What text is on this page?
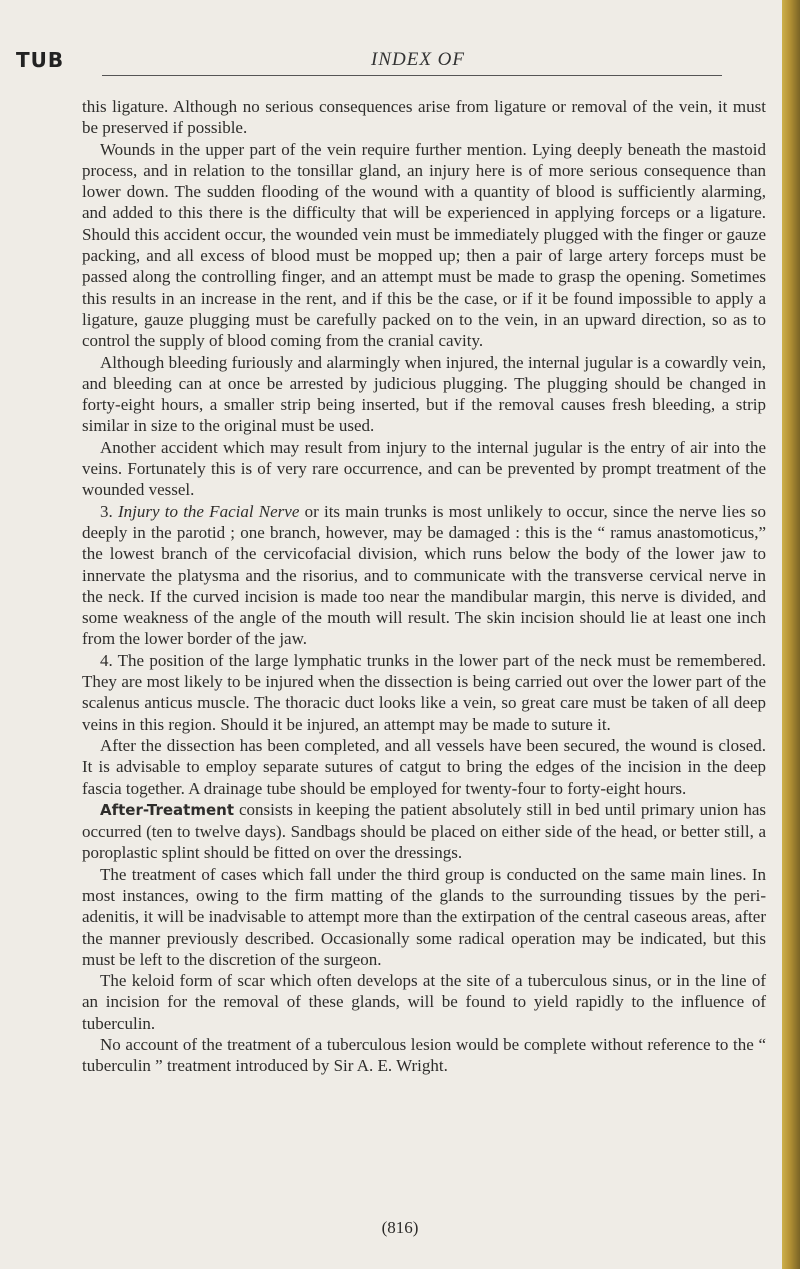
TUB	INDEX OF

this ligature. Although no serious consequences arise from ligature or removal of the vein, it must be preserved if possible.

Wounds in the upper part of the vein require further mention. Lying deeply beneath the mastoid process, and in relation to the tonsillar gland, an injury here is of more serious consequence than lower down. The sudden flooding of the wound with a quantity of blood is sufficiently alarming, and added to this there is the difficulty that will be experienced in applying forceps or a ligature. Should this accident occur, the wounded vein must be immediately plugged with the finger or gauze packing, and all excess of blood must be mopped up; then a pair of large artery forceps must be passed along the controlling finger, and an attempt must be made to grasp the opening. Sometimes this results in an increase in the rent, and if this be the case, or if it be found impossible to apply a ligature, gauze plugging must be carefully packed on to the vein, in an upward direction, so as to control the supply of blood coming from the cranial cavity.

Although bleeding furiously and alarmingly when injured, the internal jugular is a cowardly vein, and bleeding can at once be arrested by judicious plugging. The plugging should be changed in forty-eight hours, a smaller strip being inserted, but if the removal causes fresh bleeding, a strip similar in size to the original must be used.

Another accident which may result from injury to the internal jugular is the entry of air into the veins. Fortunately this is of very rare occurrence, and can be prevented by prompt treatment of the wounded vessel.

3. Injury to the Facial Nerve or its main trunks is most unlikely to occur, since the nerve lies so deeply in the parotid ; one branch, however, may be damaged : this is the “ ramus anastomoticus,” the lowest branch of the cervicofacial division, which runs below the body of the lower jaw to innervate the platysma and the risorius, and to communicate with the transverse cervical nerve in the neck. If the curved incision is made too near the mandibular margin, this nerve is divided, and some weakness of the angle of the mouth will result. The skin incision should lie at least one inch from the lower border of the jaw.

4. The position of the large lymphatic trunks in the lower part of the neck must be remembered. They are most likely to be injured when the dissection is being carried out over the lower part of the scalenus anticus muscle. The thoracic duct looks like a vein, so great care must be taken of all deep veins in this region. Should it be injured, an attempt may be made to suture it.

After the dissection has been completed, and all vessels have been secured, the wound is closed. It is advisable to employ separate sutures of catgut to bring the edges of the incision in the deep fascia together. A drainage tube should be employed for twenty-four to forty-eight hours.

After-Treatment consists in keeping the patient absolutely still in bed until primary union has occurred (ten to twelve days). Sandbags should be placed on either side of the head, or better still, a poroplastic splint should be fitted on over the dressings.

The treatment of cases which fall under the third group is conducted on the same main lines. In most instances, owing to the firm matting of the glands to the surrounding tissues by the peri-adenitis, it will be inadvisable to attempt more than the extirpation of the central caseous areas, after the manner previously described. Occasionally some radical operation may be indicated, but this must be left to the discretion of the surgeon.

The keloid form of scar which often develops at the site of a tuberculous sinus, or in the line of an incision for the removal of these glands, will be found to yield rapidly to the influence of tuberculin.

No account of the treatment of a tuberculous lesion would be complete without reference to the “ tuberculin ” treatment introduced by Sir A. E. Wright.

(816)
